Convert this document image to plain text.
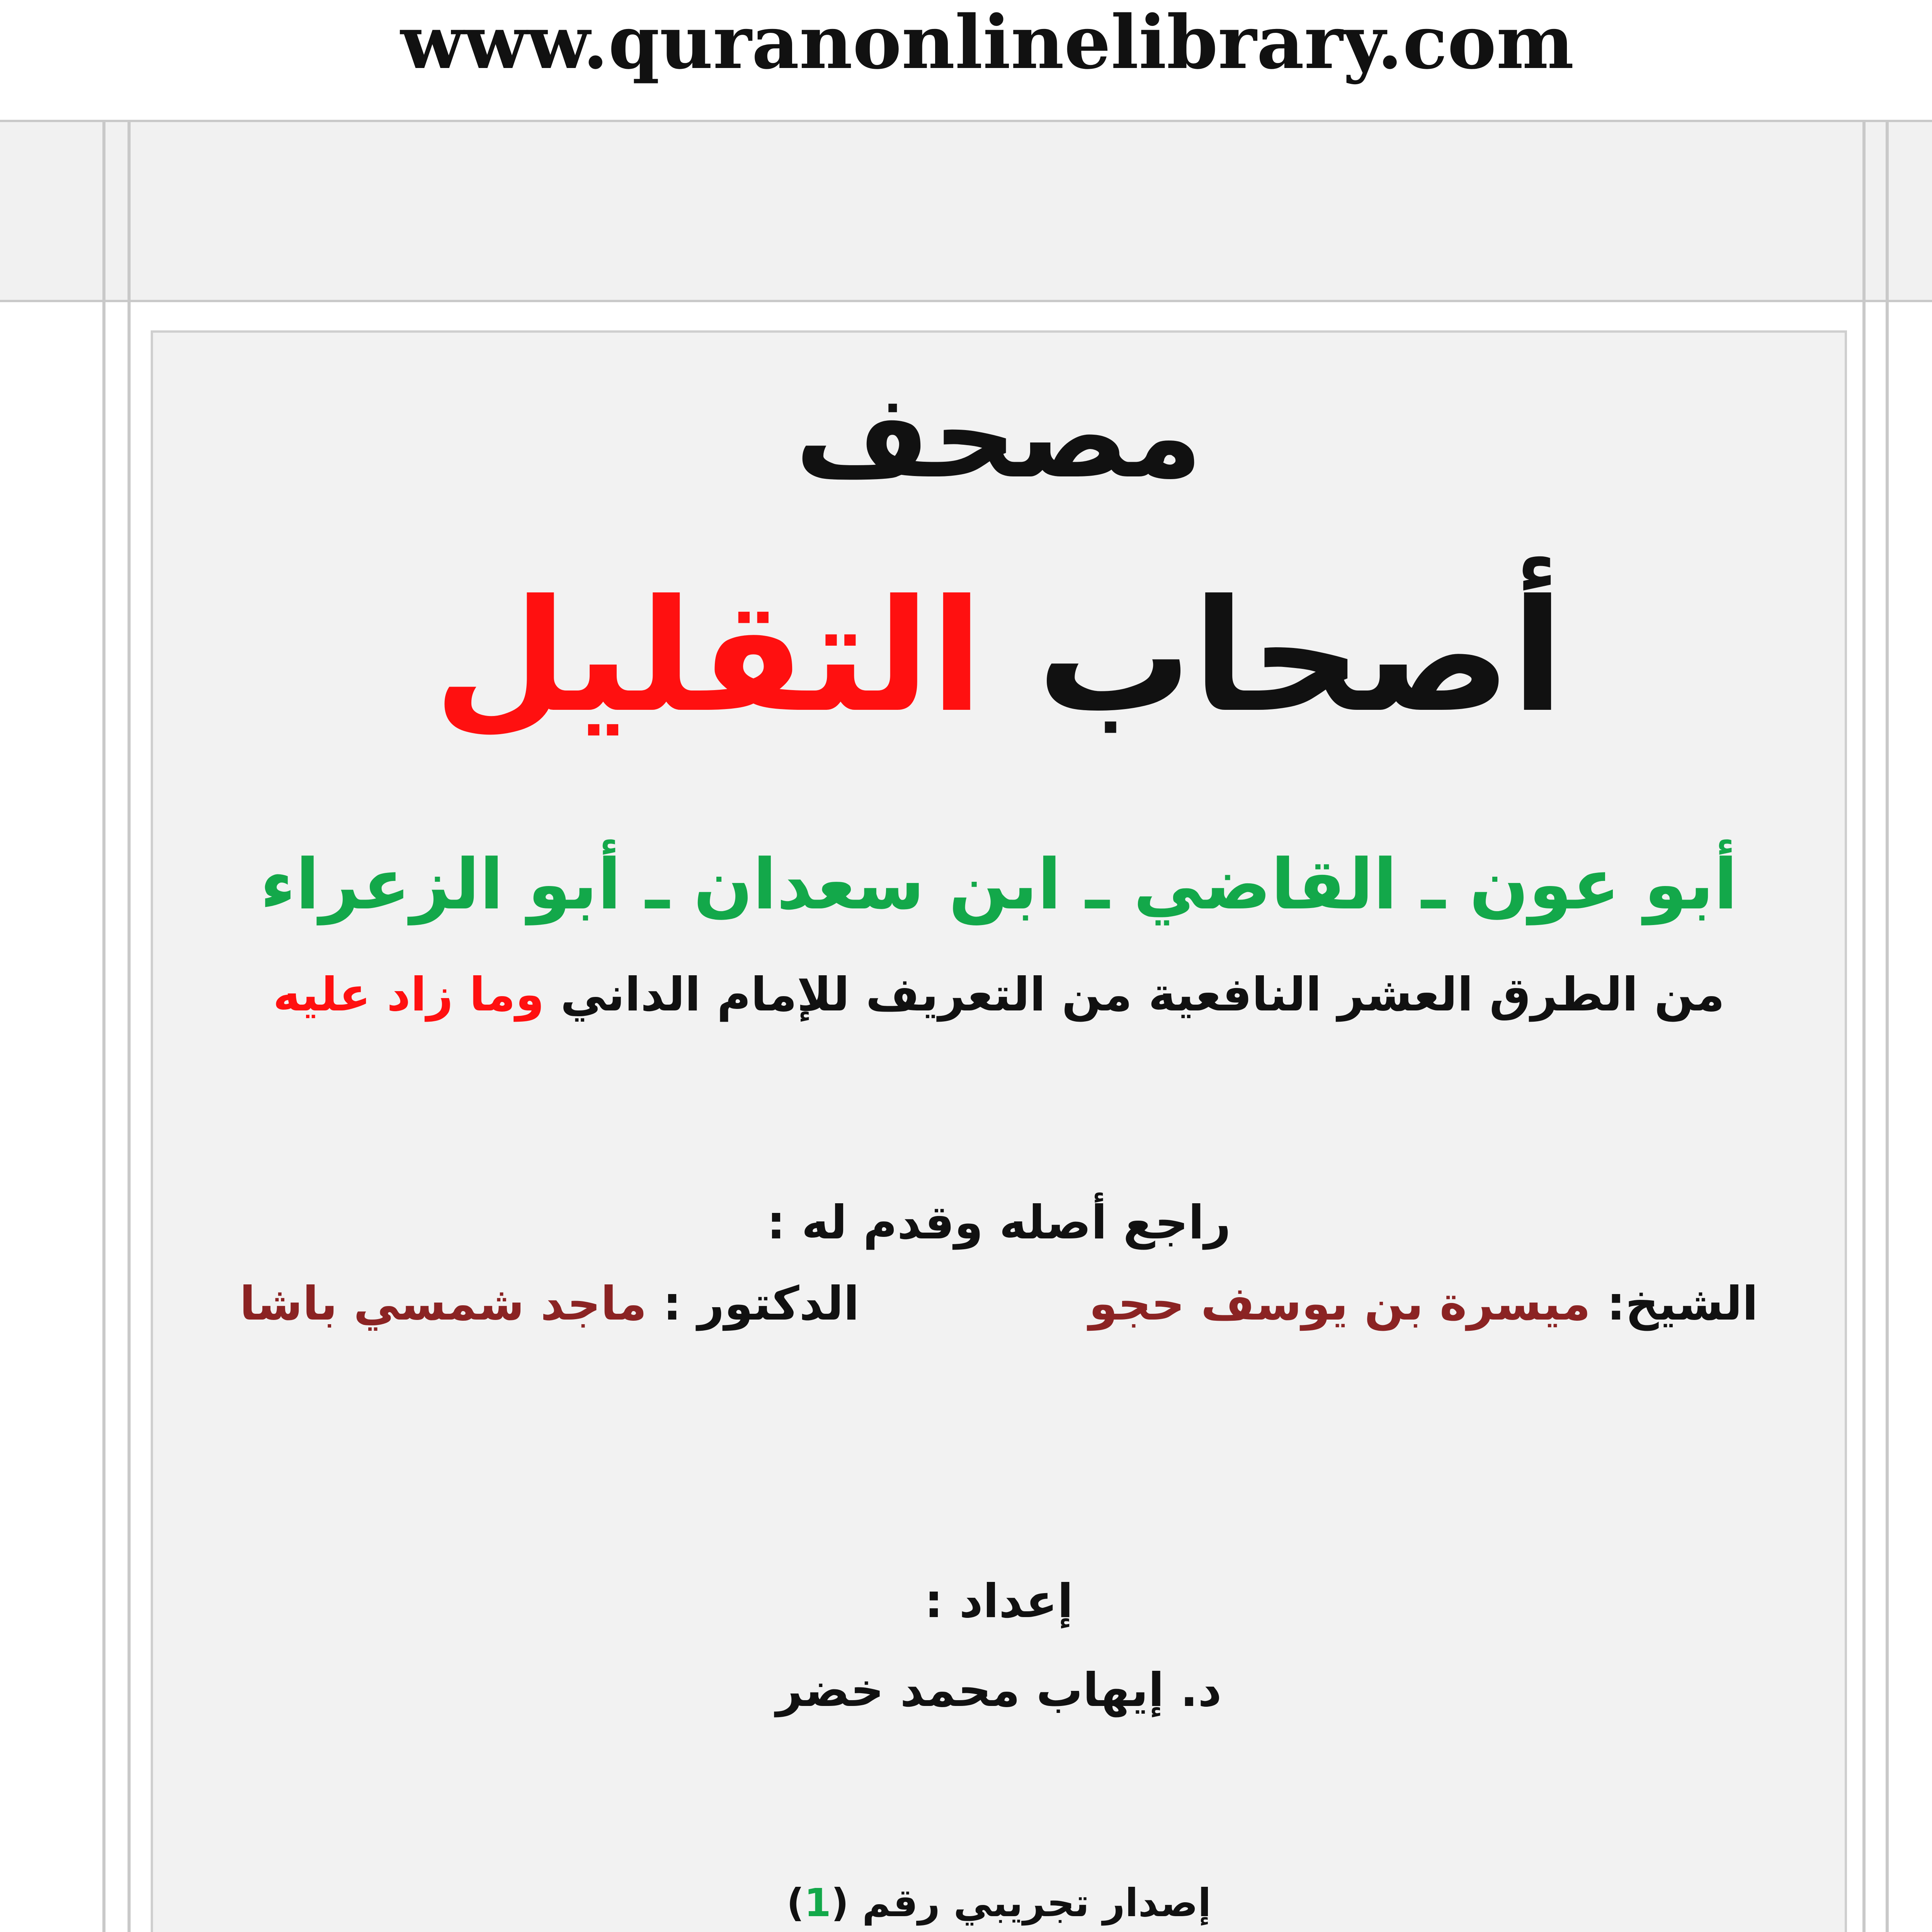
www.quranonlinelibrary.com
مصحف
أصحاب التقليل
أبو عون ـ القاضي ـ ابن سعدان ـ أبو الزعراء
من الطرق العشر النافعية من التعريف للإمام الداني وما زاد عليه
راجع أصله وقدم له :
الشيخ: ميسرة بن يوسف حجو
الدكتور : ماجد شمسي باشا
إعداد :
د. إيهاب محمد خضر
إصدار تجريبي رقم (1)
